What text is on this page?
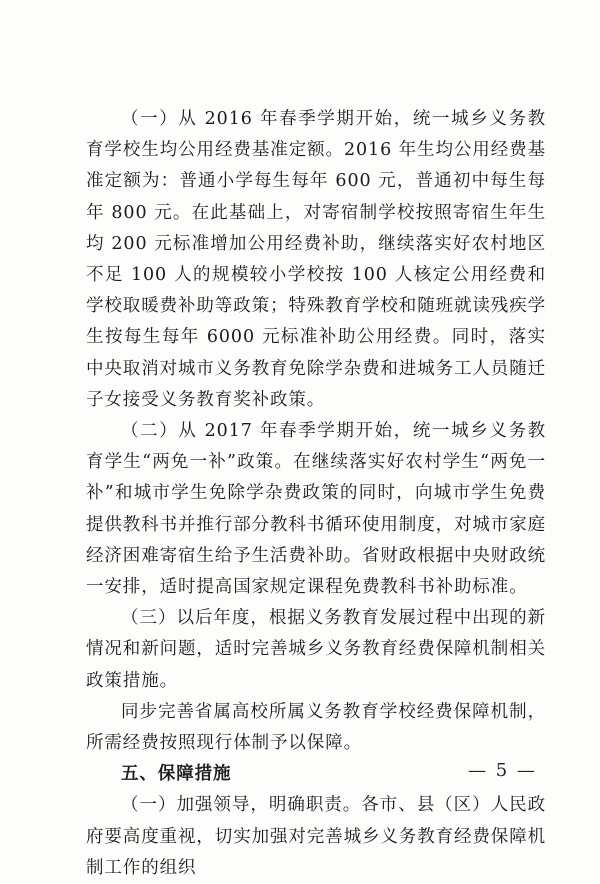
（一）从 2016 年春季学期开始，统一城乡义务教育学校生均公用经费基准定额。2016 年生均公用经费基准定额为：普通小学每生每年 600 元，普通初中每生每年 800 元。在此基础上，对寄宿制学校按照寄宿生年生均 200 元标准增加公用经费补助，继续落实好农村地区不足 100 人的规模较小学校按 100 人核定公用经费和学校取暖费补助等政策；特殊教育学校和随班就读残疾学生按每生每年 6000 元标准补助公用经费。同时，落实中央取消对城市义务教育免除学杂费和进城务工人员随迁子女接受义务教育奖补政策。

（二）从 2017 年春季学期开始，统一城乡义务教育学生“两免一补”政策。在继续落实好农村学生“两免一补”和城市学生免除学杂费政策的同时，向城市学生免费提供教科书并推行部分教科书循环使用制度，对城市家庭经济困难寄宿生给予生活费补助。省财政根据中央财政统一安排，适时提高国家规定课程免费教科书补助标准。

（三）以后年度，根据义务教育发展过程中出现的新情况和新问题，适时完善城乡义务教育经费保障机制相关政策措施。

同步完善省属高校所属义务教育学校经费保障机制，所需经费按照现行体制予以保障。

五、保障措施

（一）加强领导，明确职责。各市、县（区）人民政府要高度重视，切实加强对完善城乡义务教育经费保障机制工作的组织

— 5 —
